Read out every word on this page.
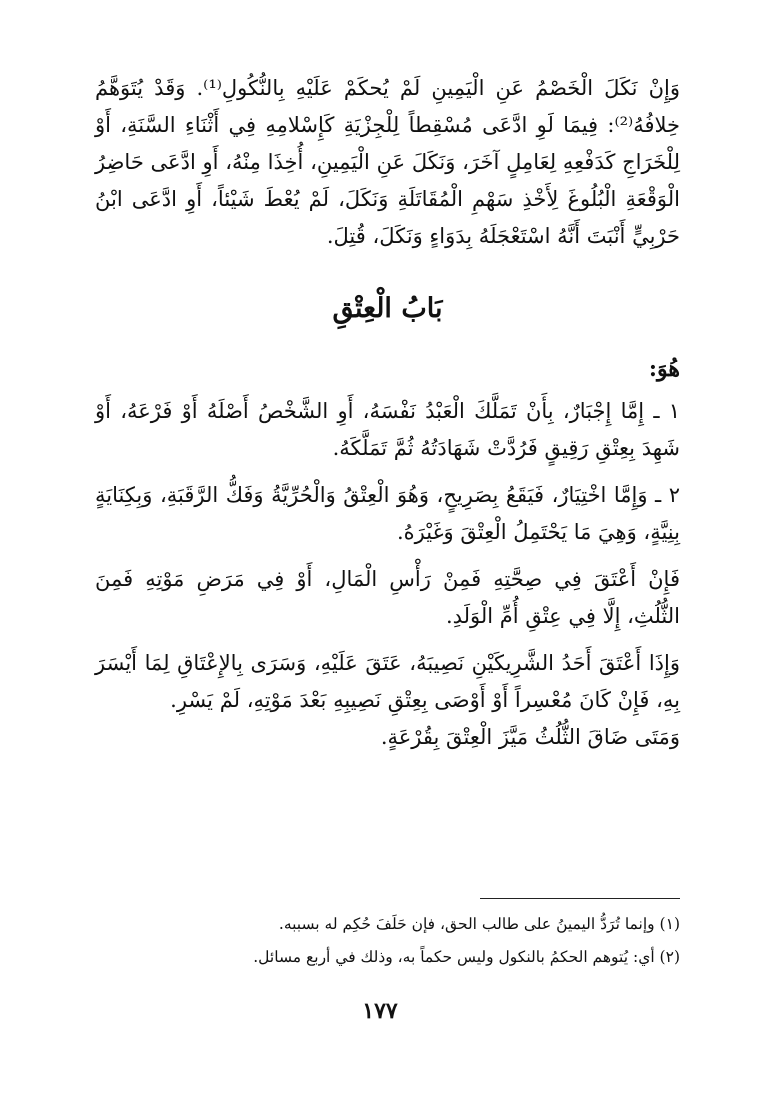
وَإِنْ نَكَلَ الْخَصْمُ عَنِ الْيَمِينِ لَمْ يُحكَمْ عَلَيْهِ بِالنُّكُولِ⁽¹⁾. وَقَدْ يُتَوَهَّمُ خِلافُهُ⁽²⁾: فِيمَا لَوِ ادَّعَى مُسْقِطاً لِلْجِزْيَةِ كَإِسْلامِهِ فِي أَثْنَاءِ السَّنَةِ، أَوْ لِلْخَرَاجِ كَدَفْعِهِ لِعَامِلٍ آخَرَ، وَنَكَلَ عَنِ الْيَمِينِ، أُخِذَا مِنْهُ، أَوِ ادَّعَى حَاضِرُ الْوَقْعَةِ الْبُلُوغَ لِأَخْذِ سَهْمِ الْمُقَاتَلَةِ وَنَكَلَ، لَمْ يُعْطَ شَيْئاً، أَوِ ادَّعَى ابْنُ حَرْبِيٍّ أَنْبَتَ أَنَّهُ اسْتَعْجَلَهُ بِدَوَاءٍ وَنَكَلَ، قُتِلَ.

بَابُ الْعِتْقِ
هُوَ:

١ ـ إِمَّا إِجْبَارٌ، بِأَنْ تَمَلَّكَ الْعَبْدُ نَفْسَهُ، أَوِ الشَّخْصُ أَصْلَهُ أَوْ فَرْعَهُ، أَوْ شَهِدَ بِعِتْقِ رَقِيقٍ فَرُدَّتْ شَهَادَتُهُ ثُمَّ تَمَلَّكَهُ.

٢ ـ وَإِمَّا اخْتِيَارٌ، فَيَقَعُ بِصَرِيحٍ، وَهُوَ الْعِتْقُ وَالْحُرِّيَّةُ وَفَكُّ الرَّقَبَةِ، وَبِكِنَايَةٍ بِنِيَّةٍ، وَهِيَ مَا يَحْتَمِلُ الْعِتْقَ وَغَيْرَهُ.

فَإِنْ أَعْتَقَ فِي صِحَّتِهِ فَمِنْ رَأْسِ الْمَالِ، أَوْ فِي مَرَضِ مَوْتِهِ فَمِنَ الثُّلُثِ، إِلَّا فِي عِتْقِ أُمِّ الْوَلَدِ.

وَإِذَا أَعْتَقَ أَحَدُ الشَّرِيكَيْنِ نَصِيبَهُ، عَتَقَ عَلَيْهِ، وَسَرَى بِالإِعْتَاقِ لِمَا أَيْسَرَ بِهِ، فَإِنْ كَانَ مُعْسِراً أَوْ أَوْصَى بِعِتْقِ نَصِيبِهِ بَعْدَ مَوْتِهِ، لَمْ يَسْرِ.

وَمَتَى ضَاقَ الثُّلُثُ مَيَّزَ الْعِتْقَ بِقُرْعَةٍ.

(١) وإنما تُرَدُّ اليمينُ على طالب الحق، فإن حَلَفَ حُكِم له بسببه.

(٢) أي: يُتوهم الحكمُ بالنكول وليس حكماً به، وذلك في أربع مسائل.

١٧٧
